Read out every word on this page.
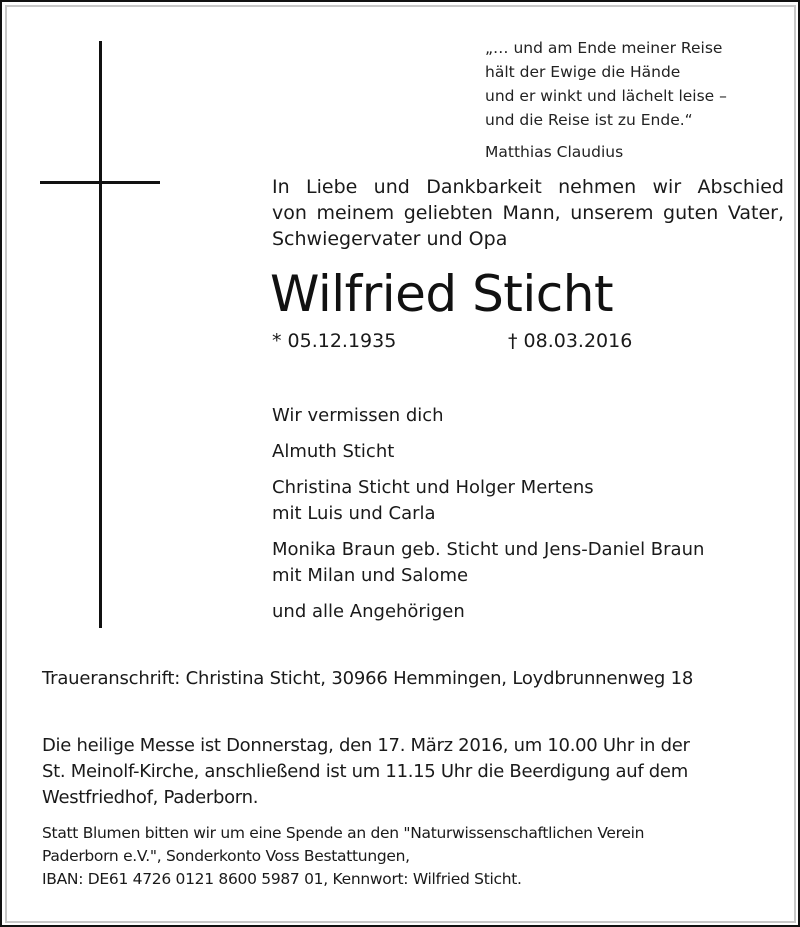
„… und am Ende meiner Reise
hält der Ewige die Hände
und er winkt und lächelt leise –
und die Reise ist zu Ende.“
Matthias Claudius
In Liebe und Dankbarkeit nehmen wir Abschied
von meinem geliebten Mann, unserem guten Vater,
Schwiegervater und Opa
Wilfried Sticht
* 05.12.1935	† 08.03.2016
Wir vermissen dich
Almuth Sticht
Christina Sticht und Holger Mertens
mit Luis und Carla
Monika Braun geb. Sticht und Jens-Daniel Braun
mit Milan und Salome
und alle Angehörigen
Traueranschrift: Christina Sticht, 30966 Hemmingen, Loydbrunnenweg 18
Die heilige Messe ist Donnerstag, den 17. März 2016, um 10.00 Uhr in der
St. Meinolf-Kirche, anschließend ist um 11.15 Uhr die Beerdigung auf dem
Westfriedhof, Paderborn.
Statt Blumen bitten wir um eine Spende an den "Naturwissenschaftlichen Verein
Paderborn e.V.", Sonderkonto Voss Bestattungen,
IBAN: DE61 4726 0121 8600 5987 01, Kennwort: Wilfried Sticht.
